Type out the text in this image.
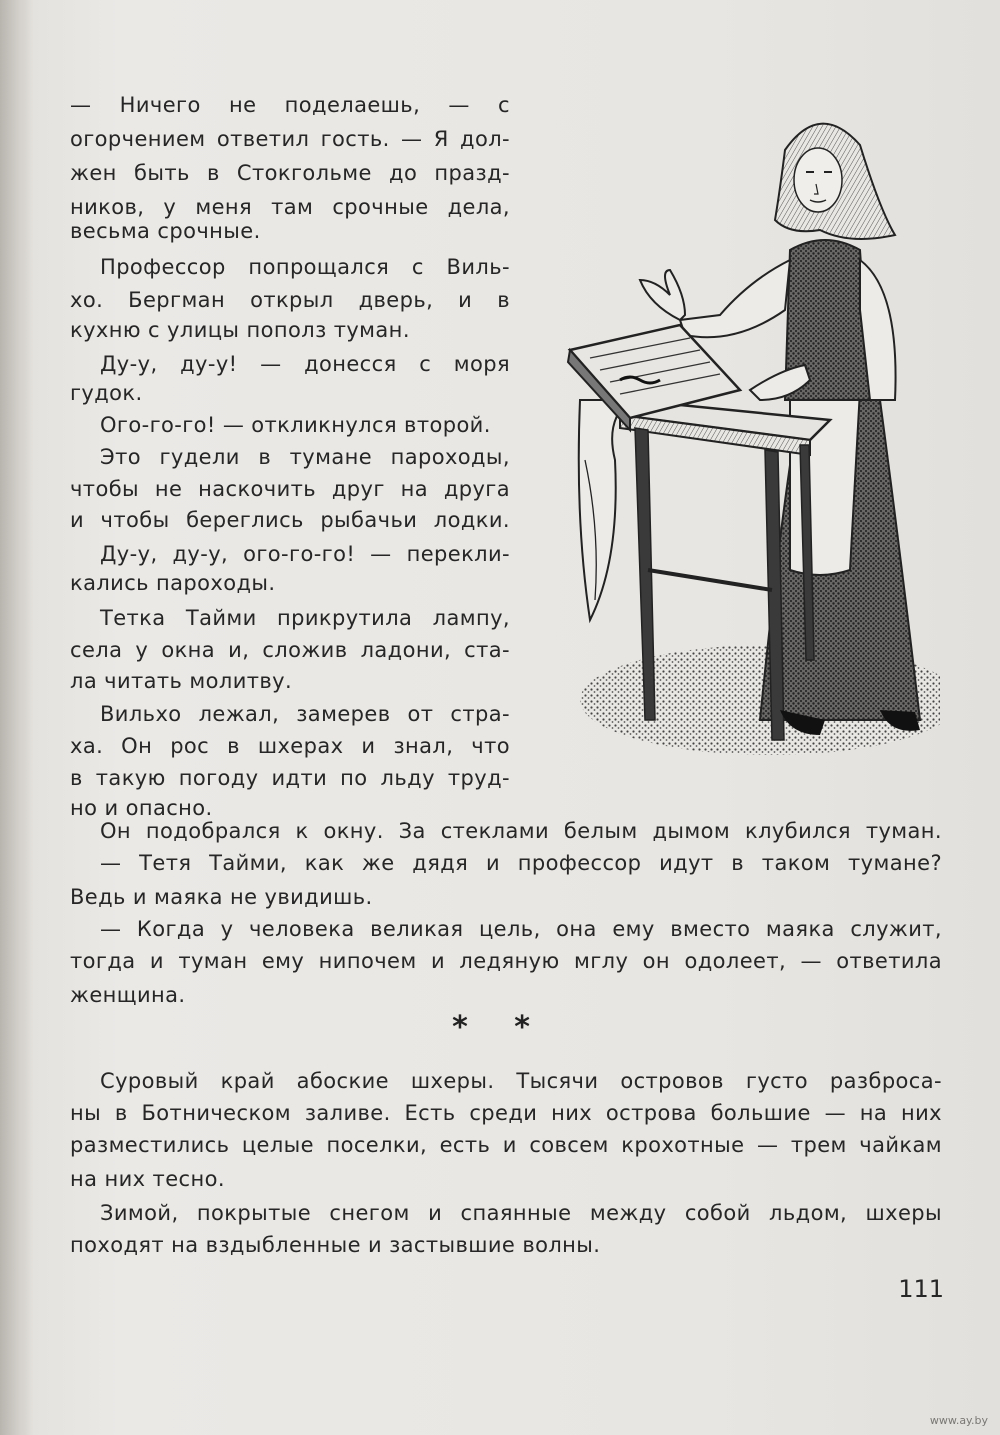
— Ничего не поделаешь, — с
огорчением ответил гость. — Я дол-
жен быть в Стокгольме до празд-
ников, у меня там срочные дела,
весьма срочные.
Профессор попрощался с Виль-
хо. Бергман открыл дверь, и в
кухню с улицы пополз туман.
Ду-у, ду-у! — донесся с моря
гудок.
Ого-го-го! — откликнулся второй.
Это гудели в тумане пароходы,
чтобы не наскочить друг на друга
и чтобы береглись рыбачьи лодки.
Ду-у, ду-у, ого-го-го! — перекли-
кались пароходы.
Тетка Тайми прикрутила лампу,
села у окна и, сложив ладони, ста-
ла читать молитву.
Вильхо лежал, замерев от стра-
ха. Он рос в шхерах и знал, что
в такую погоду идти по льду труд-
но и опасно.
Он подобрался к окну. За стеклами белым дымом клубился туман.
— Тетя Тайми, как же дядя и профессор идут в таком тумане?
Ведь и маяка не увидишь.
— Когда у человека великая цель, она ему вместо маяка служит,
тогда и туман ему нипочем и ледяную мглу он одолеет, — ответила
женщина.
* *
Суровый край абоские шхеры. Тысячи островов густо разброса-
ны в Ботническом заливе. Есть среди них острова большие — на них
разместились целые поселки, есть и совсем крохотные — трем чайкам
на них тесно.
Зимой, покрытые снегом и спаянные между собой льдом, шхеры
походят на вздыбленные и застывшие волны.
111
www.ay.by
